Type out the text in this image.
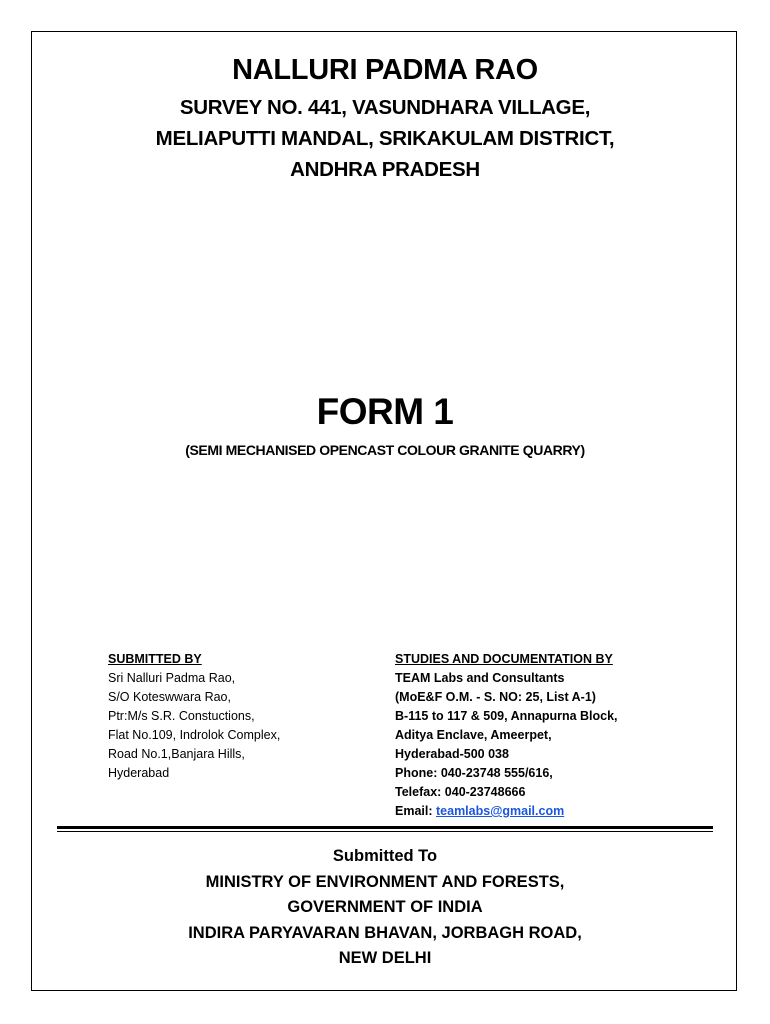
NALLURI PADMA RAO
SURVEY NO. 441, VASUNDHARA VILLAGE,
MELIAPUTTI MANDAL, SRIKAKULAM DISTRICT,
ANDHRA PRADESH
FORM 1
(SEMI MECHANISED OPENCAST COLOUR GRANITE QUARRY)
SUBMITTED BY
Sri Nalluri Padma Rao,
S/O Koteswwara Rao,
Ptr:M/s S.R. Constuctions,
Flat No.109, Indrolok Complex,
Road No.1,Banjara Hills,
Hyderabad
STUDIES AND DOCUMENTATION BY
TEAM Labs and Consultants
(MoE&F O.M. - S. NO: 25, List A-1)
B-115 to 117 & 509, Annapurna Block,
Aditya Enclave, Ameerpet,
Hyderabad-500 038
Phone: 040-23748 555/616,
Telefax: 040-23748666
Email: teamlabs@gmail.com
Submitted To
MINISTRY OF ENVIRONMENT AND FORESTS,
GOVERNMENT OF INDIA
INDIRA PARYAVARAN BHAVAN, JORBAGH ROAD,
NEW DELHI
